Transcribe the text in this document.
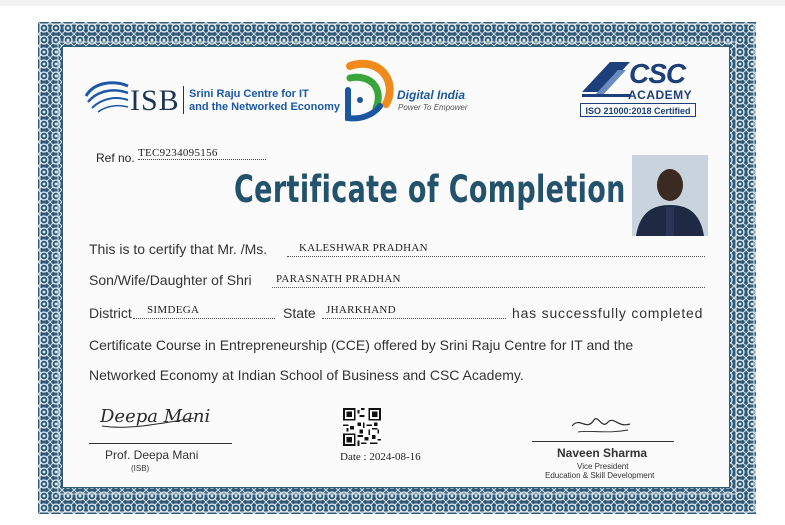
ISB Srini Raju Centre for IT
and the Networked Economy
Digital India
Power To Empower
CSC
ACADEMY
ISO 21000:2018 Certified
Ref no. TEC9234095156
Certificate of Completion
This is to certify that Mr. /Ms.	KALESHWAR PRADHAN
Son/Wife/Daughter of Shri PARASNATH PRADHAN
District SIMDEGA	State JHARKHAND	has successfully completed
Certificate Course in Entrepreneurship (CCE) offered by Srini Raju Centre for IT and the
Networked Economy at Indian School of Business and CSC Academy.
Deepa Mani
Prof. Deepa Mani
(ISB)
Date : 2024-08-16	Naveen Sharma
Vice President
Education & Skill Development
